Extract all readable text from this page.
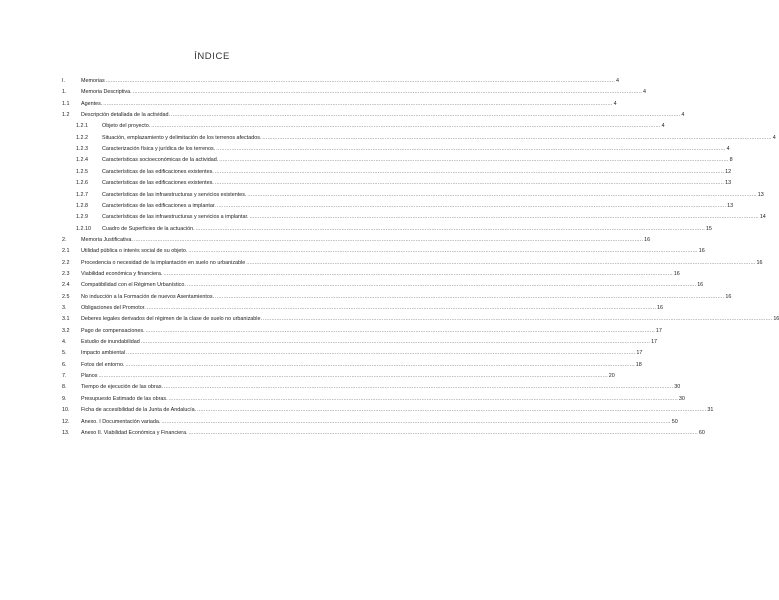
ÍNDICE
I.	Memorias ............................................................................................................................................................................................................................................................................................................ 4
1.	Memoria Descriptiva. ............................................................................................................................................................................................................................................................................................................ 4
1.1 Agentes. ............................................................................................................................................................................................................................................................................................................ 4
1.2 Descripción detallada de la actividad. ............................................................................................................................................................................................................................................................................................................ 4
1.2.1	Objeto del proyecto. ............................................................................................................................................................................................................................................................................................................ 4
1.2.2	Situación, emplazamiento y delimitación de los terrenos afectados. ............................................................................................................................................................................................................................................................................................................ 4
1.2.3	Caracterización física y jurídica de los terrenos. ............................................................................................................................................................................................................................................................................................................ 4
1.2.4	Características socioeconómicas de la actividad. ............................................................................................................................................................................................................................................................................................................ 8
1.2.5	Características de las edificaciones existentes. ............................................................................................................................................................................................................................................................................................................ 12
1.2.6	Características de las edificaciones existentes. ............................................................................................................................................................................................................................................................................................................ 13
1.2.7	Características de las infraestructuras y servicios existentes. ............................................................................................................................................................................................................................................................................................................ 13
1.2.8	Características de las edificaciones a implantar. ............................................................................................................................................................................................................................................................................................................ 13
1.2.9	Características de las infraestructuras y servicios a implantar. ............................................................................................................................................................................................................................................................................................................ 14
1.2.10 Cuadro de Superficies de la actuación. ............................................................................................................................................................................................................................................................................................................ 15
2.	Memoria Justificativa. ............................................................................................................................................................................................................................................................................................................ 16
2.1 Utilidad pública o interés social de su objeto. ............................................................................................................................................................................................................................................................................................................ 16
2.2 Procedencia o necesidad de la implantación en suelo no urbanizable ............................................................................................................................................................................................................................................................................................................ 16
2.3 Viabilidad económica y financiera. ............................................................................................................................................................................................................................................................................................................ 16
2.4 Compatibilidad con el Régimen Urbanístico. ............................................................................................................................................................................................................................................................................................................ 16
2.5 No inducción a la Formación de nuevos Asentamientos. ............................................................................................................................................................................................................................................................................................................ 16
3.	Obligaciones del Promotor. ............................................................................................................................................................................................................................................................................................................ 16
3.1 Deberes legales derivados del régimen de la clase de suelo no urbanizable. ............................................................................................................................................................................................................................................................................................................ 16
3.2 Pago de compensaciones. ............................................................................................................................................................................................................................................................................................................ 17
4.	Estudio de inundabilidad ............................................................................................................................................................................................................................................................................................................ 17
5.	Impacto ambiental ............................................................................................................................................................................................................................................................................................................ 17
6.	Fotos del entorno. ............................................................................................................................................................................................................................................................................................................ 18
7.	Planos ............................................................................................................................................................................................................................................................................................................ 20
8.	Tiempo de ejecución de las obras. ............................................................................................................................................................................................................................................................................................................ 30
9.	Presupuesto Estimado de las obras. ............................................................................................................................................................................................................................................................................................................ 30
10. Ficha de accesibilidad de la Junta de Andalucía. ............................................................................................................................................................................................................................................................................................................ 31
12. Anexo. I Documentación variada. ............................................................................................................................................................................................................................................................................................................ 50
13. Anexo II. Viabilidad Económica y Financiera. ............................................................................................................................................................................................................................................................................................................ 60
